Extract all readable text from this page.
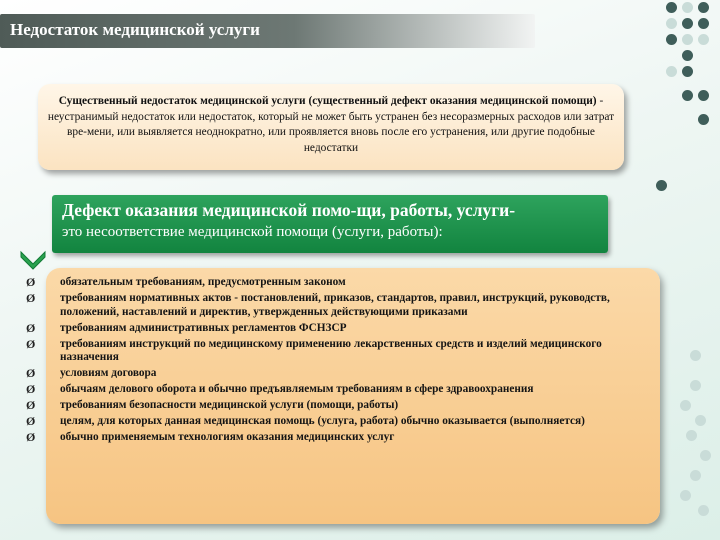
Недостаток медицинской услуги
Существенный недостаток медицинской услуги (существенный дефект оказания медицинской помощи) - неустранимый недостаток или недостаток, который не может быть устранен без несоразмерных расходов или затрат вре-мени, или выявляется неоднократно, или проявляется вновь после его устранения, или другие подобные недостатки
Дефект оказания медицинской помо-щи, работы, услуги-
это несоответствие медицинской помощи (услуги, работы):
Ø обязательным требованиям, предусмотренным законом
Ø требованиям нормативных актов - постановлений, приказов, стандартов, правил, инструкций, руководств, положений, наставлений и директив, утвержденных действующими приказами
Ø требованиям административных регламентов ФСНЗСР
Ø требованиям инструкций по медицинскому применению лекарственных средств и изделий медицинского назначения
Ø условиям договора
Ø обычаям делового оборота и обычно предъявляемым требованиям в сфере здравоохранения
Ø требованиям безопасности медицинской услуги (помощи, работы)
Ø целям, для которых данная медицинская помощь (услуга, работа) обычно оказывается (выполняется)
Ø обычно применяемым технологиям оказания медицинских услуг
